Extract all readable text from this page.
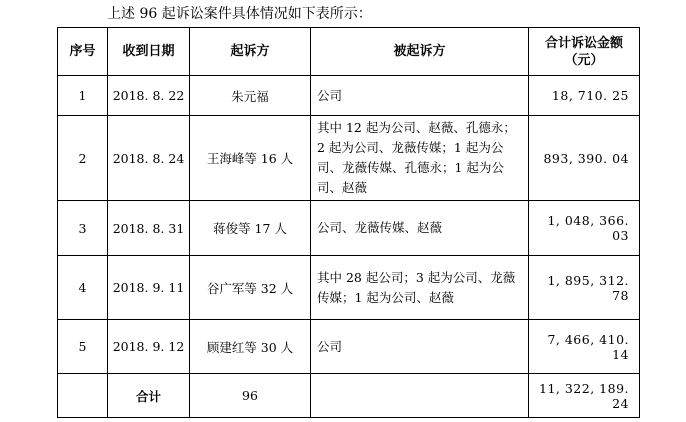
上述 96 起诉讼案件具体情况如下表所示：
序号	收到日期	起诉方	被起诉方	合计诉讼金额（元）
1	2018. 8. 22	朱元福	公司	18, 710. 25
2	2018. 8. 24	王海峰等 16 人	其中 12 起为公司、赵薇、孔德永；2 起为公司、龙薇传媒；1 起为公司、龙薇传媒、孔德永；1 起为公司、赵薇	893, 390. 04
3	2018. 8. 31	蒋俊等 17 人	公司、龙薇传媒、赵薇	1, 048, 366. 03
4	2018. 9. 11	谷广军等 32 人	其中 28 起公司；3 起为公司、龙薇传媒；1 起为公司、赵薇	1, 895, 312. 78
5	2018. 9. 12	顾建红等 30 人	公司	7, 466, 410. 14
	合计	96		11, 322, 189. 24
